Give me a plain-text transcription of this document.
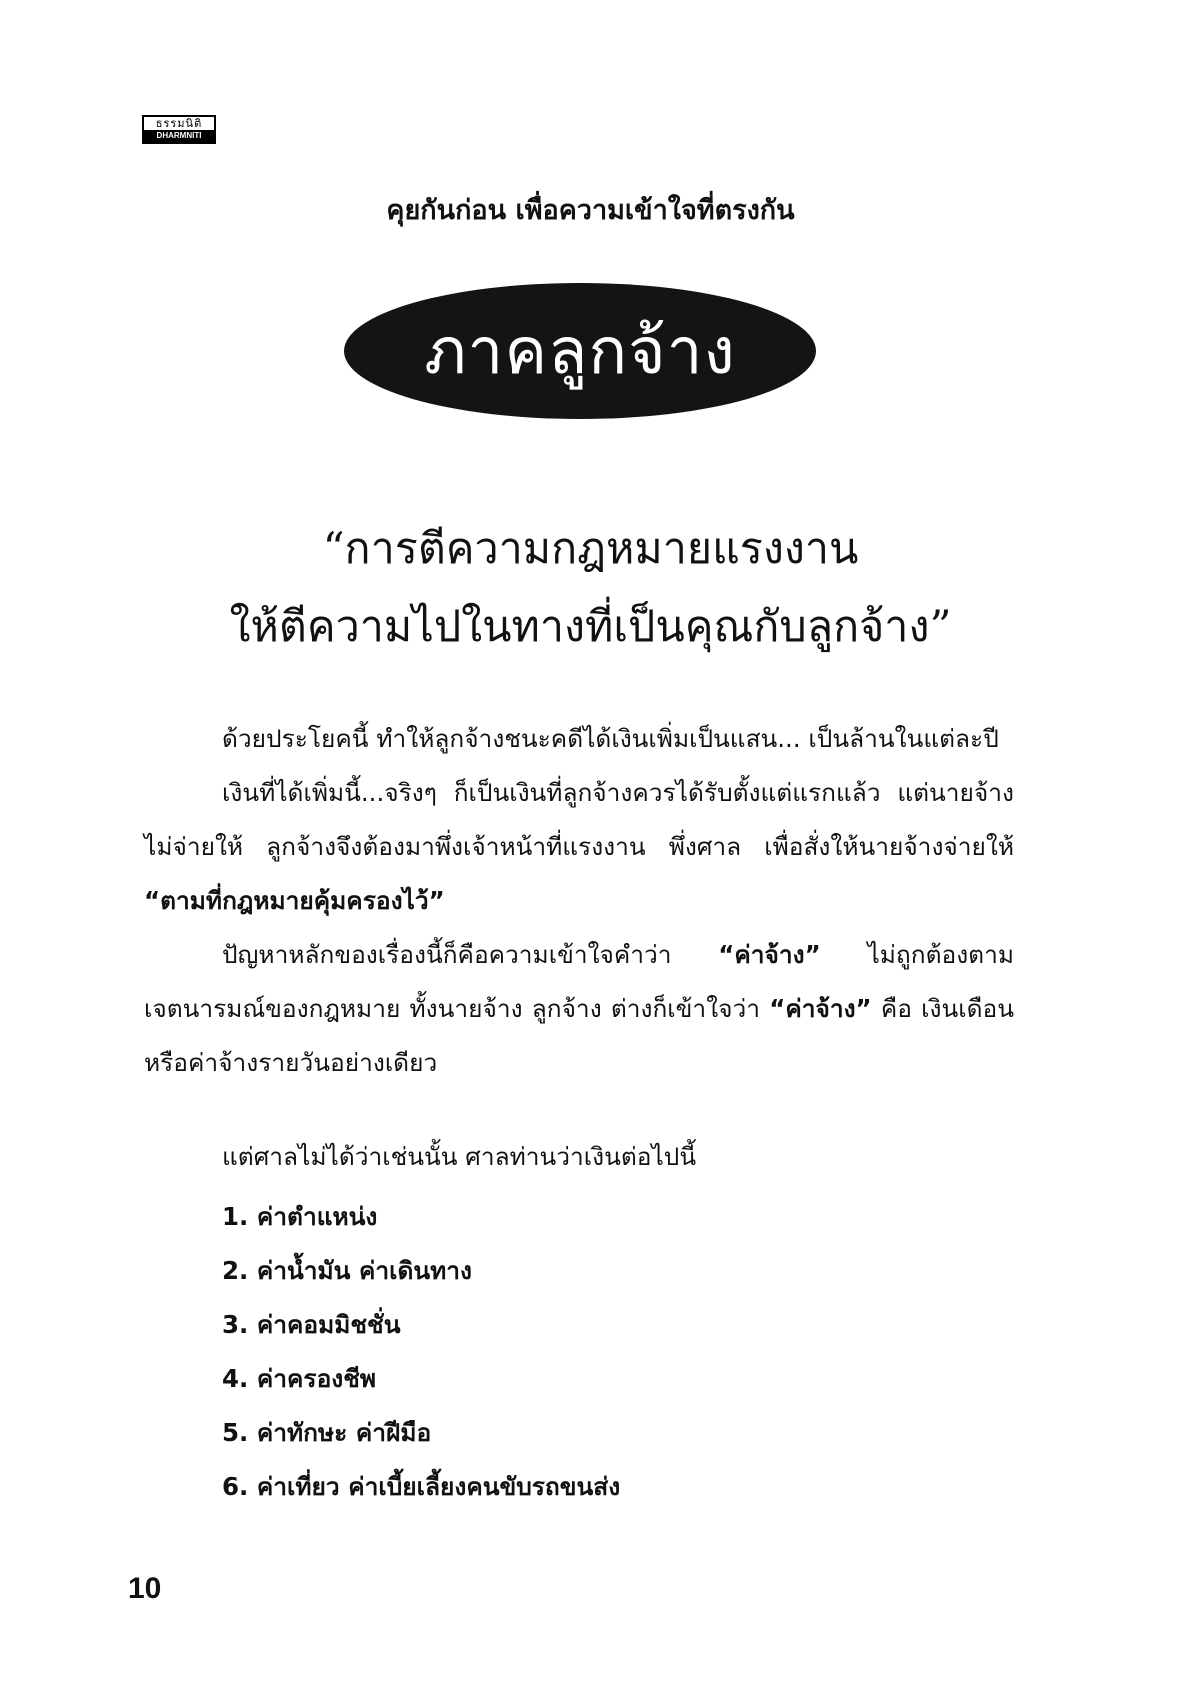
ธรรมนิติ
DHARMNITI
คุยกันก่อน เพื่อความเข้าใจที่ตรงกัน
ภาคลูกจ้าง
“การตีความกฎหมายแรงงาน
ให้ตีความไปในทางที่เป็นคุณกับลูกจ้าง”
ด้วยประโยคนี้ ทำให้ลูกจ้างชนะคดีได้เงินเพิ่มเป็นแสน... เป็นล้านในแต่ละปี
เงินที่ได้เพิ่มนี้...จริงๆ ก็เป็นเงินที่ลูกจ้างควรได้รับตั้งแต่แรกแล้ว แต่นายจ้าง
ไม่จ่ายให้ ลูกจ้างจึงต้องมาพึ่งเจ้าหน้าที่แรงงาน พึ่งศาล เพื่อสั่งให้นายจ้างจ่ายให้
“ตามที่กฎหมายคุ้มครองไว้”
ปัญหาหลักของเรื่องนี้ก็คือความเข้าใจคำว่า “ค่าจ้าง” ไม่ถูกต้องตาม
เจตนารมณ์ของกฎหมาย ทั้งนายจ้าง ลูกจ้าง ต่างก็เข้าใจว่า “ค่าจ้าง” คือ เงินเดือน
หรือค่าจ้างรายวันอย่างเดียว
แต่ศาลไม่ได้ว่าเช่นนั้น ศาลท่านว่าเงินต่อไปนี้
1. ค่าตำแหน่ง
2. ค่าน้ำมัน ค่าเดินทาง
3. ค่าคอมมิชชั่น
4. ค่าครองชีพ
5. ค่าทักษะ ค่าฝีมือ
6. ค่าเที่ยว ค่าเบี้ยเลี้ยงคนขับรถขนส่ง
10
